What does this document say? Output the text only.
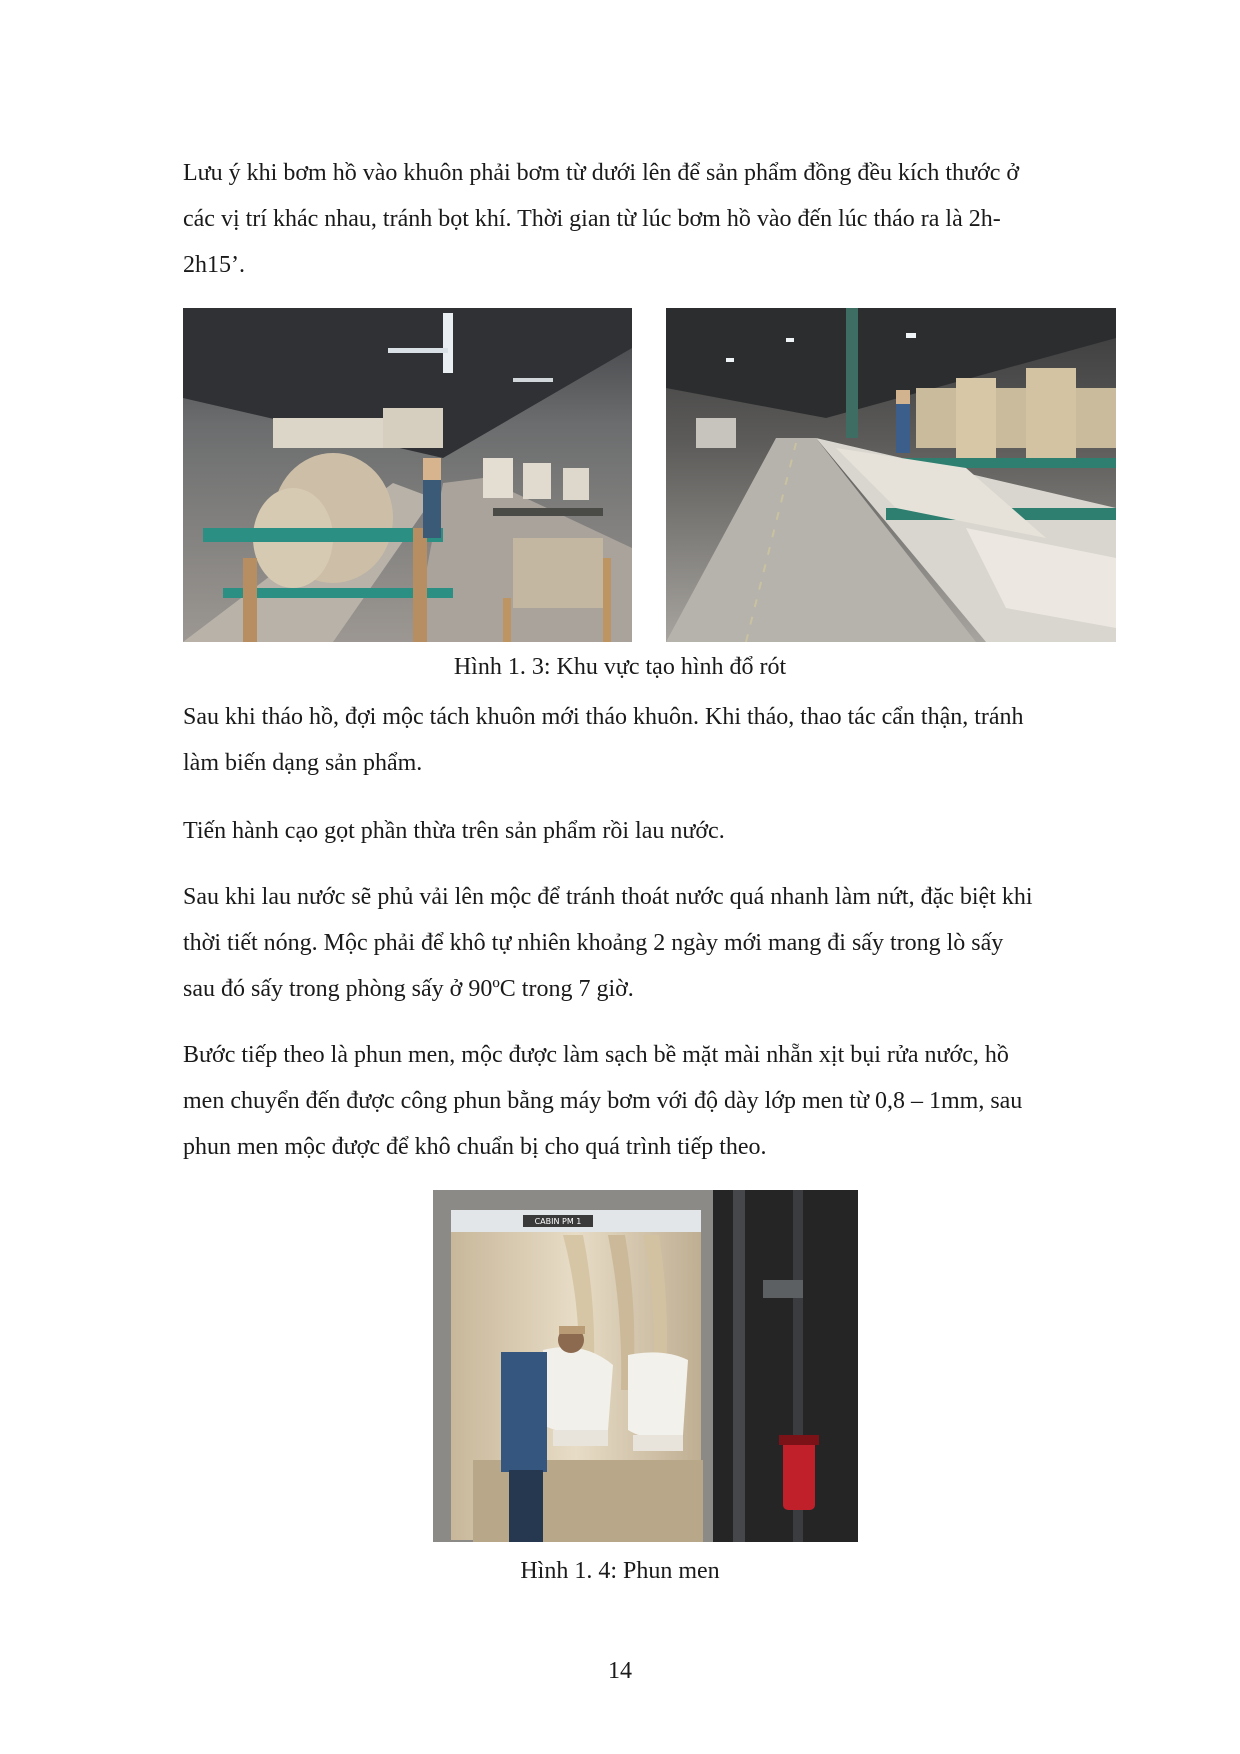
Lưu ý khi bơm hồ vào khuôn phải bơm từ dưới lên để sản phẩm đồng đều kích thước ở
các vị trí khác nhau, tránh bọt khí. Thời gian từ lúc bơm hồ vào đến lúc tháo ra là 2h-
2h15’.
Hình 1. 3: Khu vực tạo hình đổ rót
Sau khi tháo hồ, đợi mộc tách khuôn mới tháo khuôn. Khi tháo, thao tác cẩn thận, tránh
làm biến dạng sản phẩm.
Tiến hành cạo gọt phần thừa trên sản phẩm rồi lau nước.
Sau khi lau nước sẽ phủ vải lên mộc để tránh thoát nước quá nhanh làm nứt, đặc biệt khi
thời tiết nóng. Mộc phải để khô tự nhiên khoảng 2 ngày mới mang đi sấy trong lò sấy
sau đó sấy trong phòng sấy ở 90ºC trong 7 giờ.
Bước tiếp theo là phun men, mộc được làm sạch bề mặt mài nhẵn xịt bụi rửa nước, hồ
men chuyển đến được công phun bằng máy bơm với độ dày lớp men từ 0,8 – 1mm, sau
phun men mộc được để khô chuẩn bị cho quá trình tiếp theo.
CABIN PM 1
Hình 1. 4: Phun men
14
